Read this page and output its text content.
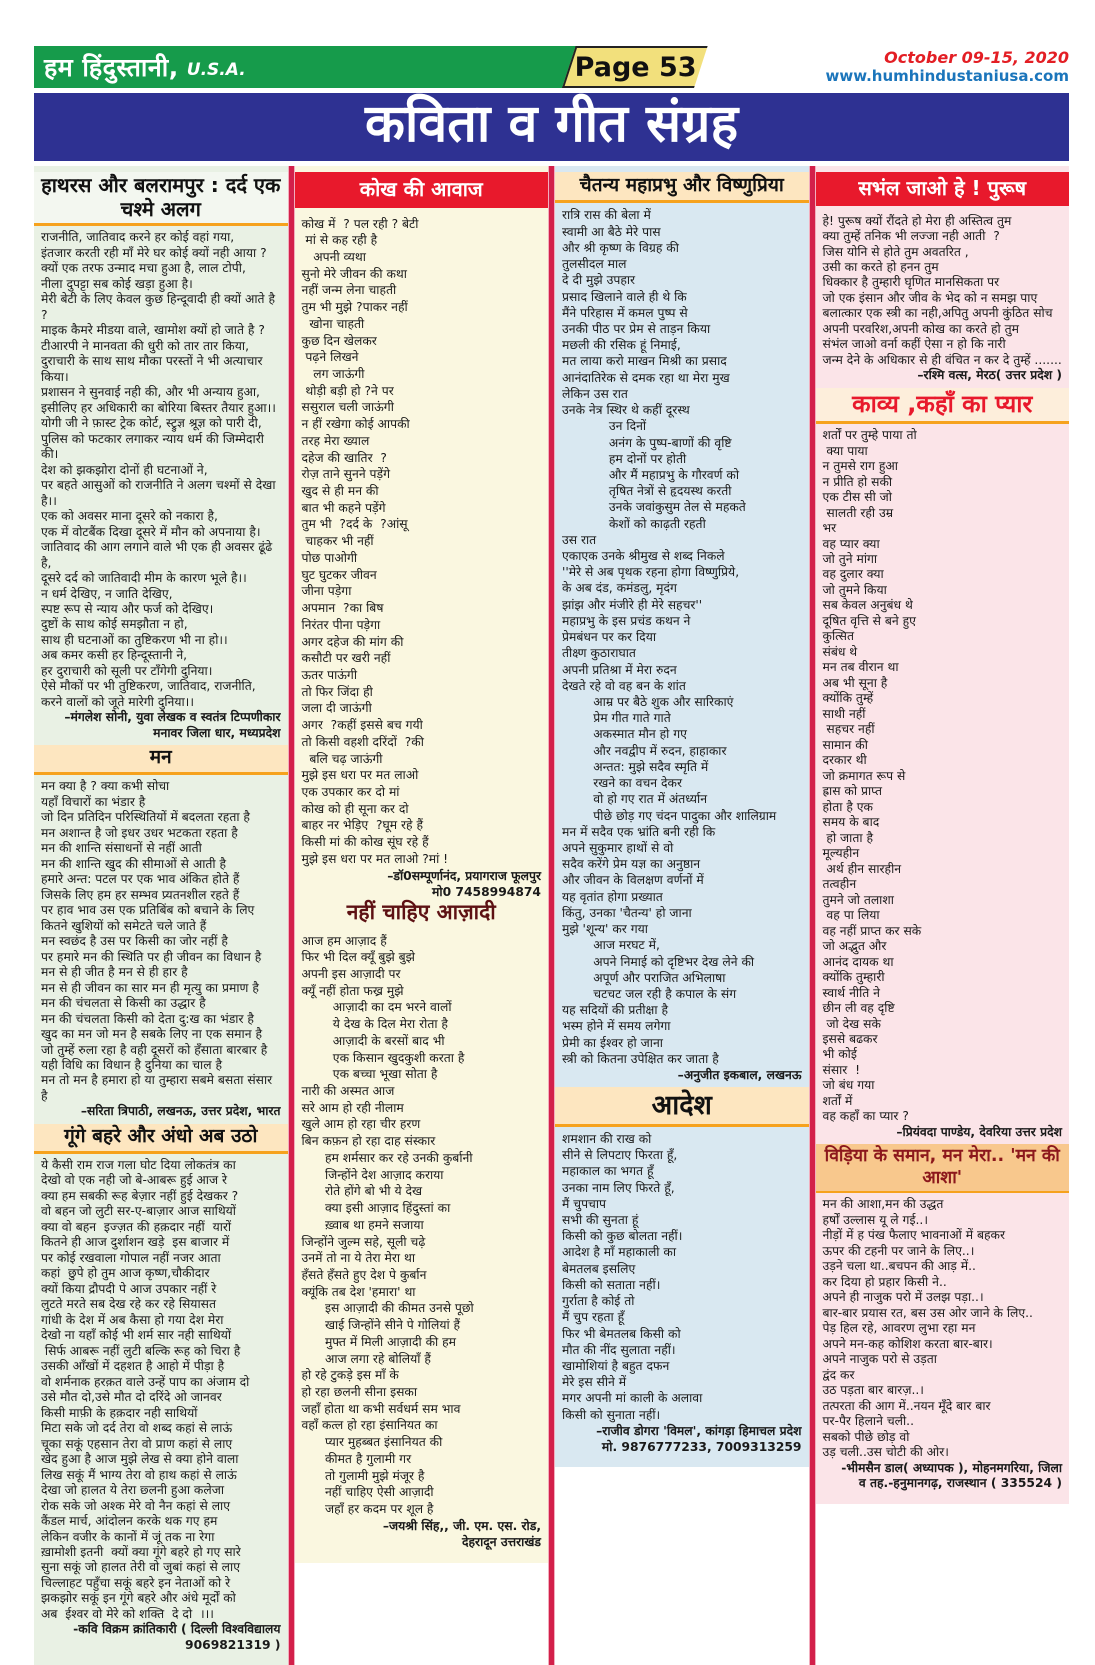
हम हिंदुस्तानी, U.S.A.	Page 53	October 09-15, 2020
www.humhindustaniusa.com
कविता व गीत संग्रह
हाथरस और बलरामपुर : दर्द एक चश्मे अलग
राजनीति, जातिवाद करने हर कोई वहां गया,
इंतजार करती रही माँ मेरे घर कोई क्यों नही आया ?
क्यों एक तरफ उन्माद मचा हुआ है, लाल टोपी,
नीला दुपट्टा सब कोई खड़ा हुआ है।
मेरी बेटी के लिए केवल कुछ हिन्दूवादी ही क्यों आते है ?
माइक कैमरे मीडया वाले, खामोश क्यों हो जाते है ?
टीआरपी ने मानवता की धुरी को तार तार किया,
दुराचारी के साथ साथ मौका परस्तों ने भी अत्याचार किया।
प्रशासन ने सुनवाई नही की, और भी अन्याय हुआ,
इसीलिए हर अधिकारी का बोरिया बिस्तर तैयार हुआ।।
योगी जी ने फ़ास्ट ट्रेक कोर्ट, स्ट्रुज्ञ श्रूज्ञ को पारी दी,
पुलिस को फटकार लगाकर न्याय धर्म की जिम्मेदारी की।
देश को झकझोरा दोनों ही घटनाओं ने,
पर बहते आसुओं को राजनीति ने अलग चश्मों से देखा है।।
एक को अवसर माना दूसरे को नकारा है,
एक में वोटबैंक दिखा दूसरे में मौन को अपनाया है।
जातिवाद की आग लगाने वाले भी एक ही अवसर ढूंढे है,
दूसरे दर्द को जातिवादी मीम के कारण भूले है।।
न धर्म देखिए, न जाति देखिए,
स्पष्ट रूप से न्याय और फर्ज को देखिए।
दुष्टों के साथ कोई समझौता न हो,
साथ ही घटनाओं का तुष्टिकरण भी ना हो।।
अब कमर कसी हर हिन्दूस्तानी ने,
हर दुराचारी को सूली पर टाँगेगी दुनिया।
ऐसे मौकों पर भी तुष्टिकरण, जातिवाद, राजनीति,
करने वालों को जूते मारेगी दुनिया।।
–मंगलेश सोनी, युवा लेखक व स्वतंत्र टिप्पणीकार
मनावर जिला धार, मध्यप्रदेश
मन
मन क्या है ? क्या कभी सोचा
यहाँ विचारों का भंडार है
जो दिन प्रतिदिन परिस्थितियों में बदलता रहता है
मन अशान्त है जो इधर उधर भटकता रहता है
मन की शान्ति संसाधनों से नहीं आती
मन की शान्ति खुद की सीमाओं से आती है
हमारे अन्त: पटल पर एक भाव अंकित होते हैं
जिसके लिए हम हर सम्भव प्र्यतनशील रहते हैं
पर हाव भाव उस एक प्रतिबिंब को बचाने के लिए
कितने खुशियों को समेटते चले जाते हैं
मन स्वछंद है उस पर किसी का जोर नहीं है
पर हमारे मन की स्थिति पर ही जीवन का विधान है
मन से ही जीत है मन से ही हार है
मन से ही जीवन का सार मन ही मृत्यु का प्रमाण है
मन की चंचलता से किसी का उद्धार है
मन की चंचलता किसी को देता दु:ख का भंडार है
खुद का मन जो मन है सबके लिए ना एक समान है
जो तुम्हें रुला रहा है वही दूसरों को हँसाता बारबार है
यही विधि का विधान है दुनिया का चाल है
मन तो मन है हमारा हो या तुम्हारा सबमे बसता संसार है
–सरिता त्रिपाठी, लखनऊ, उत्तर प्रदेश, भारत
गूंगे बहरे और अंधो अब उठो
ये कैसी राम राज गला घोट दिया लोकतंत्र का
देखो वो एक नही जो बे-आबरू हुई आज रे
क्या हम सबकी रूह बेज़ार नहीं हुई देखकर ?
वो बहन जो लुटी सर-ए-बाज़ार आज साथियों
क्या वो बहन  इज्ज़त की हक़दार नहीं  यारों
कितने ही आज दुर्शाशन खड़े  इस बाजार में
पर कोई रखवाला गोपाल नहीं नजर आता
कहां  छुपे हो तुम आज कृष्ण,चौकीदार
क्यों किया द्रौपदी पे आज उपकार नहीं रे
लुटते मरते सब देख रहे कर रहे सियासत
गांधी के देश में अब कैसा हो गया देश मेरा
देखो ना यहाँ कोई भी शर्म सार नही साथियों
सिर्फ आबरू नहीं लुटी बल्कि रूह को चिरा है
उसकी आँखों में दहशत है आहो में पीड़ा है
वो शर्मनाक हरक़त वाले उन्हें पाप का अंजाम दो
उसे मौत दो,उसे मौत दो दरिंदे ओ जानवर
किसी माफ़ी के हक़दार नही साथियों
मिटा सके जो दर्द तेरा वो शब्द कहां से लाऊं
चूका सकूं एहसान तेरा वो प्राण कहां से लाए
खेद हुआ है आज मुझे लेख से क्या होने वाला
लिख सकूं मैं भाग्य तेरा वो हाथ कहां से लाऊं
देखा जो हालत ये तेरा छ्लनी हुआ कलेजा
रोक सके जो अश्क मेरे वो नैन कहां से लाए
कैंडल मार्च, आंदोलन करके थक गए हम
लेकिन वजीर के कानों में जूं तक ना रेगा
ख़ामोशी इतनी  क्यों क्या गूंगे बहरे हो गए सारे
सुना सकूं जो हालत तेरी वो जुबां कहां से लाए
चिल्लाहट पहुँचा सकूं बहरे इन नेताओं को रे
झकझोर सकूं इन गूंगे बहरे और अंधे मूर्दों को
अब  ईश्वर वो मेरे को शक्ति  दे दो  ।।।
-कवि विक्रम क्रांतिकारी ( दिल्ली विश्वविद्यालय 9069821319 )
कोख की आवाज
कोख में  ? पल रही ? बेटी
मां से कह रही है
अपनी व्यथा
सुनो मेरे जीवन की कथा
नहीं जन्म लेना चाहती
तुम भी मुझे ?पाकर नहीं
खोना चाहती
कुछ दिन खेलकर
पढ़ने लिखने
लग जाऊंगी
थोड़ी बड़ी हो ?ने पर
ससुराल चली जाऊंगी
न हीं रखेगा कोई आपकी
तरह मेरा ख्याल
दहेज की खातिर  ?
रोज़ ताने सुनने पड़ेंगे
खुद से ही मन की
बात भी कहने पड़ेंगे
तुम भी  ?दर्द के  ?आंसू
चाहकर भी नहीं
पोछ पाओगी
घुट घुटकर जीवन
जीना पड़ेगा
अपमान  ?का बिष
निरंतर पीना पड़ेगा
अगर दहेज की मांग की
कसौटी पर खरी नहीं
ऊतर पाऊंगी
तो फिर जिंदा ही
जला दी जाऊंगी
अगर  ?कहीं इससे बच गयी
तो किसी वहशी दरिंदों  ?की
बलि चढ़ जाऊंगी
मुझे इस धरा पर मत लाओ
एक उपकार कर दो मां
कोख को ही सूना कर दो
बाहर नर भेड़िए  ?घूम रहे हैं
किसी मां की कोख सूंघ रहे हैं
मुझे इस धरा पर मत लाओ ?मां !
–डॉ0सम्पूर्णानंद, प्रयागराज फूलपुर
मो0 7458994874
नहीं चाहिए आज़ादी
आज हम आज़ाद हैं
फिर भी दिल क्यूँ बुझे बुझे
अपनी इस आज़ादी पर
क्यूँ नहीं होता फख्र मुझे
आज़ादी का दम भरने वालों
ये देख के दिल मेरा रोता है
आज़ादी के बरसों बाद भी
एक किसान खुदकुशी करता है
एक बच्चा भूखा सोता है
नारी की अस्मत आज
सरे आम हो रही नीलाम
खुले आम हो रहा चीर हरण
बिन कफ़न हो रहा दाह संस्कार
हम शर्मसार कर रहे उनकी कुर्बानी
जिन्होंने देश आज़ाद कराया
रोते होंगे बो भी ये देख
क्या इसी आज़ाद हिंदुस्तां का
ख़्वाब था हमने सजाया
जिन्होंने जुल्म सहे, सूली चढ़े
उनमें तो ना ये तेरा मेरा था
हँसते हँसते हुए देश पे कुर्बान
क्यूंकि तब देश 'हमारा' था
इस आज़ादी की कीमत उनसे पूछो
खाई जिन्होंने सीने पे गोलियां हैं
मुफ्त में मिली आज़ादी की हम
आज लगा रहे बोलियाँ हैं
हो रहे टुकड़े इस माँ के
हो रहा छलनी सीना इसका
जहाँ होता था कभी सर्वधर्म सम भाव
वहाँ कत्ल हो रहा इंसानियत का
प्यार मुहब्बत इंसानियत की
कीमत है गुलामी गर
तो गुलामी मुझे मंजूर है
नहीं चाहिए ऐसी आज़ादी
जहाँ हर कदम पर शूल है
–जयश्री सिंह,, जी. एम. एस. रोड,
देहरादून उत्तराखंड
चैतन्य महाप्रभु और विष्णुप्रिया
रात्रि रास की बेला में
स्वामी आ बैठे मेरे पास
और श्री कृष्ण के विग्रह की
तुलसीदल माल
दे दी मुझे उपहार
प्रसाद खिलाने वाले ही थे कि
मैंने परिहास में कमल पुष्प से
उनकी पीठ पर प्रेम से ताड़न किया
मछली की रसिक हूं निमाई,
मत लाया करो माखन मिश्री का प्रसाद
आनंदातिरेक से दमक रहा था मेरा मुख
लेकिन उस रात
उनके नेत्र स्थिर थे कहीं दूरस्थ
उन दिनों
अनंग के पुष्प-बाणों की वृष्टि
हम दोनों पर होती
और मैं महाप्रभु के गौरवर्ण को
तृषित नेत्रों से हृदयस्थ करती
उनके जवांकुसुम तेल से महकते
केशों को काढ़ती रहती
उस रात
एकाएक उनके श्रीमुख से शब्द निकले
''मेरे से अब पृथक रहना होगा विष्णुप्रिये,
के अब दंड, कमंडलु, मृदंग
झांझ और मंजीरे ही मेरे सहचर''
महाप्रभु के इस प्रचंड कथन ने
प्रेमबंधन पर कर दिया
तीक्ष्ण कुठाराघात
अपनी प्रतिश्रा में मेरा रुदन
देखते रहे वो वह बन के शांत
आम्र पर बैठे शुक और सारिकाएं
प्रेम गीत गाते गाते
अकस्मात मौन हो गए
और नवद्वीप में रुदन, हाहाकार
अन्तत: मुझे सदैव स्मृति में
रखने का वचन देकर
वो हो गए रात में अंतर्ध्यान
पीछे छोड़ गए चंदन पादुका और शालिग्राम
मन में सदैव एक भ्रांति बनी रही कि
अपने सुकुमार हाथों से वो
सदैव करेंगे प्रेम यज्ञ का अनुष्ठान
और जीवन के विलक्षण वर्णनों में
यह वृतांत होगा प्रख्यात
किंतु, उनका 'चैतन्य' हो जाना
मुझे 'शून्य' कर गया
आज मरघट में,
अपने निमाई को दृष्टिभर देख लेने की
अपूर्ण और पराजित अभिलाषा
चटचट जल रही है कपाल के संग
यह सदियों की प्रतीक्षा है
भस्म होने में समय लगेगा
प्रेमी का ईश्वर हो जाना
स्त्री को कितना उपेक्षित कर जाता है
–अनुजीत इकबाल, लखनऊ
आदेश
शमशान की राख को
सीने से लिपटाए फिरता हूँ,
महाकाल का भगत हूँ
उनका नाम लिए फिरते हूँ,
मैं चुपचाप
सभी की सुनता हूं
किसी को कुछ बोलता नहीं।
आदेश है माँ महाकाली का
बेमतलब इसलिए
किसी को सताता नहीं।
गुर्राता है कोई तो
मैं चुप रहता हूँ
फिर भी बेमतलब किसी को
मौत की नींद सुलाता नहीं।
खामोशियां है बहुत दफन
मेरे इस सीने में
मगर अपनी मां काली के अलावा
किसी को सुनाता नहीं।
–राजीव डोगरा 'विमल', कांगड़ा हिमाचल प्रदेश
मो. 9876777233, 7009313259
सभंल जाओ हे ! पुरूष
हे! पुरूष क्यों रौंदते हो मेरा ही अस्तित्व तुम
क्या तुम्हें तनिक भी लज्जा नही आती  ?
जिस योनि से होते तुम अवतरित ,
उसी का करते हो हनन तुम
धिक्कार है तुम्हारी घृणित मानसिकता पर
जो एक इंसान और जीव के भेद को न समझ पाए
बलात्कार एक स्त्री का नही,अपितु अपनी कुंठित सोच
अपनी परवरिश,अपनी कोख का करते हो तुम
संभंल जाओ वर्ना कहीं ऐसा न हो कि नारी
जन्म देने के अधिकार से ही वंचित न कर दे तुम्हें .......
–रश्मि वत्स, मेरठ( उत्तर प्रदेश )
काव्य ,कहाँ का प्यार
शर्तों पर तुम्हे पाया तो
क्या पाया
न तुमसे राग हुआ
न प्रीति हो सकी
एक टीस सी जो
सालती रही उम्र
भर
वह प्यार क्या
जो तुने मांगा
वह दुलार क्या
जो तुमने किया
सब केवल अनुबंध थे
दूषित वृत्ति से बने हुए
कुत्सित
संबंध थे
मन तब वीरान था
अब भी सूना है
क्योंकि तुम्हें
साथी नहीं
सहचर नहीं
सामान की
दरकार थी
जो क्रमागत रूप से
ह्रास को प्राप्त
होता है एक
समय के बाद
हो जाता है
मूल्यहीन
अर्थ हीन सारहीन
तत्वहीन
तुमने जो तलाशा
वह पा लिया
वह नहीं प्राप्त कर सके
जो अद्भुत और
आनंद दायक था
क्योंकि तुम्हारी
स्वार्थ नीति ने
छीन ली वह दृष्टि
जो देख सके
इससे बढकर
भी कोई
संसार  !
जो बंध गया
शर्तों में
वह कहाँ का प्यार ?
–प्रियंवदा पाण्डेय, देवरिया उत्तर प्रदेश
विड़िया के समान, मन मेरा.. 'मन की आशा'
मन की आशा,मन की उद्धत
हर्षों उल्लास यू ले गई..।
नीड़ों में ह पंख फैलाए भावनाओं में बहकर
ऊपर की टहनी पर जाने के लिए..।
उड़ने चला था..बचपन की आड़ में..
कर दिया हो प्रहार किसी ने..
अपने ही नाजुक परो में उलझ पड़ा..।
बार-बार प्रयास रत, बस उस ओर जाने के लिए..
पेड़ हिल रहे, आवरण लुभा रहा मन
अपने मन-कह कोशिश करता बार-बार।
अपने नाजुक परो से उड़ता
द्वंद कर
उठ पड़ता बार बारज़..।
तत्परता की आग में..नयन मूँदे बार बार
पर-पैर हिलाने चली..
सबको पीछे छोड़ वो
उड़ चली..उस चोटी की ओर।
-भीमसैन डाल( अध्यापक ), मोहनमगरिया, जिला
व तह.-हनुमानगढ़, राजस्थान ( 335524 )
